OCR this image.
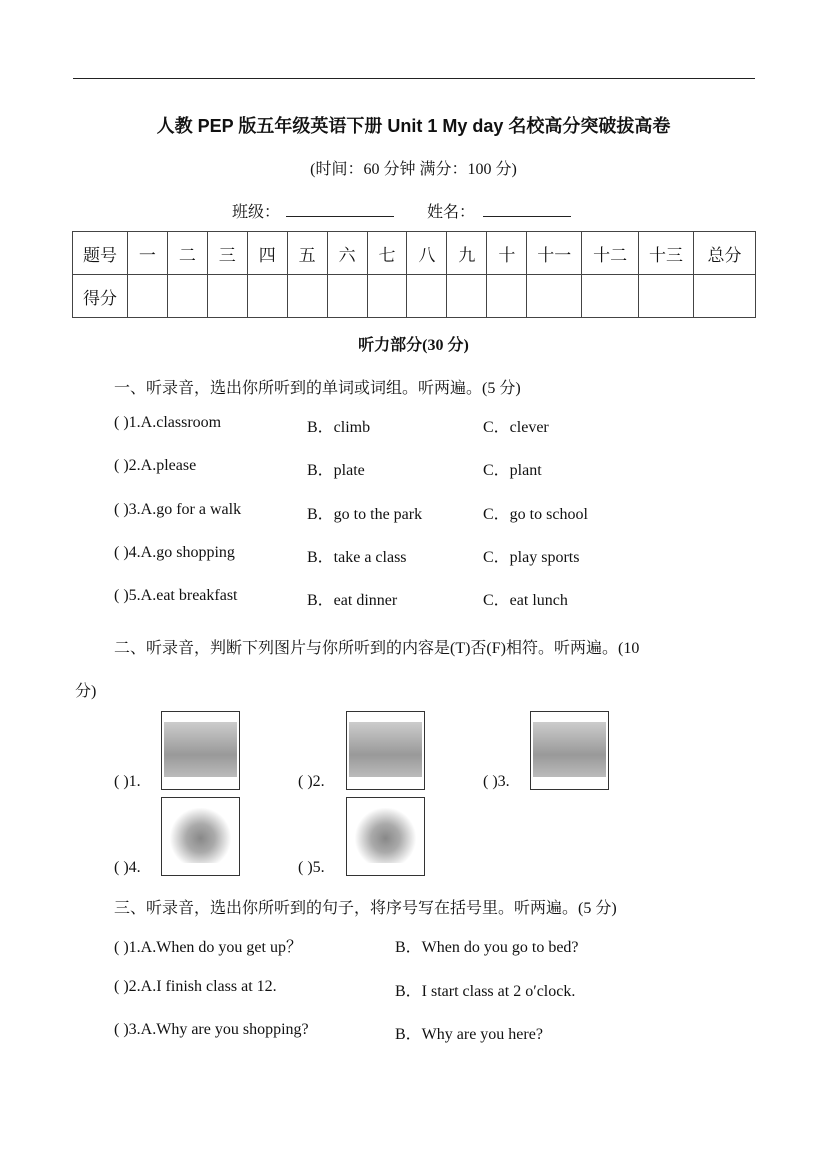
人教 PEP 版五年级英语下册 Unit 1 My day 名校高分突破拔高卷
(时间：60 分钟 满分：100 分)
班级：	姓名：
题号	一	二	三	四	五	六	七	八	九	十	十一	十二	十三	总分
得分														
听力部分(30 分)
一、听录音，选出你所听到的单词或词组。听两遍。(5 分)
( )1.A.classroom	B．climb	C．clever
( )2.A.please	B．plate	C．plant
( )3.A.go for a walk	B．go to the park	C．go to school
( )4.A.go shopping	B．take a class	C．play sports
( )5.A.eat breakfast	B．eat dinner	C．eat lunch
二、听录音，判断下列图片与你所听到的内容是(T)否(F)相符。听两遍。(10
分)
( )1.	( )2.	( )3.
( )4.	( )5.
三、听录音，选出你所听到的句子，将序号写在括号里。听两遍。(5 分)
( )1.A.When do you get up？	B．When do you go to bed?
( )2.A.I finish class at 12.	B．I start class at 2 o′clock.
( )3.A.Why are you shopping?	B．Why are you here?
